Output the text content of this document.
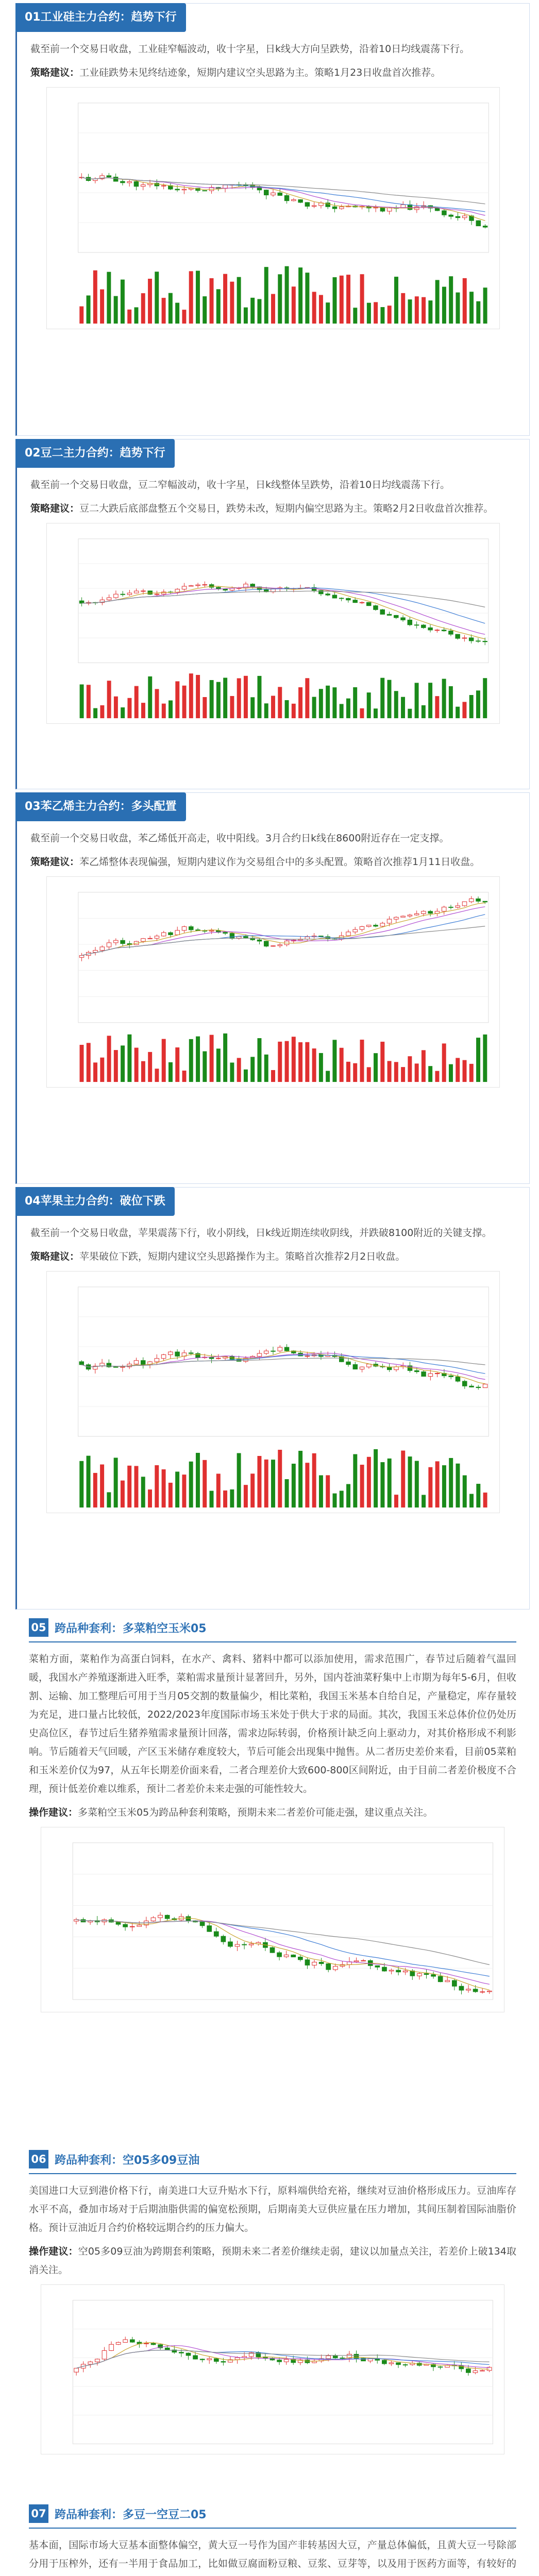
01工业硅主力合约：趋势下行

截至前一个交易日收盘，工业硅窄幅波动，收十字星，日k线大方向呈跌势，沿着10日均线震荡下行。

策略建议：工业硅跌势未见终结迹象，短期内建议空头思路为主。策略1月23日收盘首次推荐。

02豆二主力合约：趋势下行

截至前一个交易日收盘，豆二窄幅波动，收十字星，日k线整体呈跌势，沿着10日均线震荡下行。

策略建议：豆二大跌后底部盘整五个交易日，跌势未改，短期内偏空思路为主。策略2月2日收盘首次推荐。

03苯乙烯主力合约：多头配置

截至前一个交易日收盘，苯乙烯低开高走，收中阳线。3月合约日k线在8600附近存在一定支撑。

策略建议：苯乙烯整体表现偏强，短期内建议作为交易组合中的多头配置。策略首次推荐1月11日收盘。

04苹果主力合约：破位下跌

截至前一个交易日收盘，苹果震荡下行，收小阴线，日k线近期连续收阴线，并跌破8100附近的关键支撑。

策略建议：苹果破位下跌，短期内建议空头思路操作为主。策略首次推荐2月2日收盘。

05 跨品种套利：多菜粕空玉米05

菜粕方面，菜粕作为高蛋白饲料，在水产、禽料、猪料中都可以添加使用，需求范围广，春节过后随着气温回暖，我国水产养殖逐渐进入旺季，菜粕需求量预计显著回升，另外，国内苍油菜籽集中上市期为每年5-6月，但收割、运输、加工整理后可用于当月05交割的数量偏少，相比菜粕，我国玉米基本自给自足，产量稳定，库存量较为充足，进口量占比较低，2022/2023年度国际市场玉米处于供大于求的局面。其次，我国玉米总体价位仍处历史高位区，春节过后生猪养殖需求量预计回落，需求边际转弱，价格预计缺乏向上驱动力，对其价格形成不利影响。节后随着天气回暖，产区玉米储存难度较大，节后可能会出现集中抛售。从二者历史差价来看，目前05菜粕和玉米差价仅为97，从五年长期差价面来看，二者合理差价大致600-800区间附近，由于目前二者差价极度不合理，预计低差价难以维系，预计二者差价未来走强的可能性较大。

操作建议：多菜粕空玉米05为跨品种套利策略，预期未来二者差价可能走强，建议重点关注。

06 跨品种套利：空05多09豆油

美国进口大豆到港价格下行，南美进口大豆升贴水下行，原料端供给充裕，继续对豆油价格形成压力。豆油库存水平不高，叠加市场对于后期油脂供需的偏宽松预期，后期南美大豆供应量在压力增加，其间压制着国际油脂价格。预计豆油近月合约价格较远期合约的压力偏大。

操作建议：空05多09豆油为跨期套利策略，预期未来二者差价继续走弱，建议以加量点关注，若差价上破134取消关注。

07 跨品种套利：多豆一空豆二05

基本面，国际市场大豆基本面整体偏空，黄大豆一号作为国产非转基因大豆，产量总体偏低，且黄大豆一号除部分用于压榨外，还有一半用于食品加工，比如做豆腐面粉豆粮、豆浆、豆芽等，以及用于医药方面等，有较好的
